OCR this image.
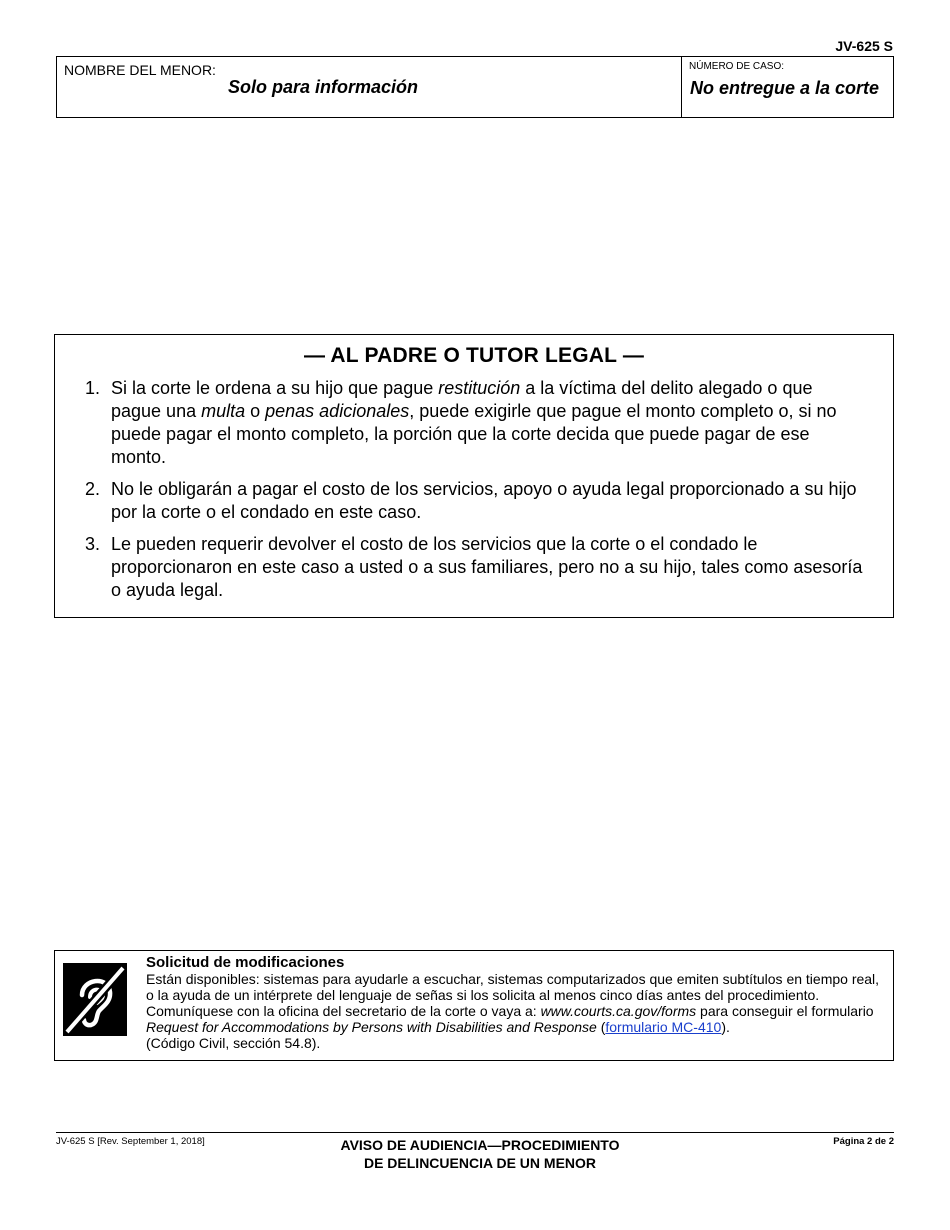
JV-625 S
NOMBRE DEL MENOR:
Solo para información
NÚMERO DE CASO:
No entregue a la corte
— AL PADRE O TUTOR LEGAL —
1. Si la corte le ordena a su hijo que pague restitución a la víctima del delito alegado o que pague una multa o penas adicionales, puede exigirle que pague el monto completo o, si no puede pagar el monto completo, la porción que la corte decida que puede pagar de ese monto.
2. No le obligarán a pagar el costo de los servicios, apoyo o ayuda legal proporcionado a su hijo por la corte o el condado en este caso.
3. Le pueden requerir devolver el costo de los servicios que la corte o el condado le proporcionaron en este caso a usted o a sus familiares, pero no a su hijo, tales como asesoría o ayuda legal.
Solicitud de modificaciones
Están disponibles: sistemas para ayudarle a escuchar, sistemas computarizados que emiten subtítulos en tiempo real, o la ayuda de un intérprete del lenguaje de señas si los solicita al menos cinco días antes del procedimiento. Comuníquese con la oficina del secretario de la corte o vaya a: www.courts.ca.gov/forms para conseguir el formulario Request for Accommodations by Persons with Disabilities and Response (formulario MC-410).
(Código Civil, sección 54.8).
JV-625 S [Rev. September 1, 2018]	AVISO DE AUDIENCIA—PROCEDIMIENTO
DE DELINCUENCIA DE UN MENOR
Página 2 de 2
